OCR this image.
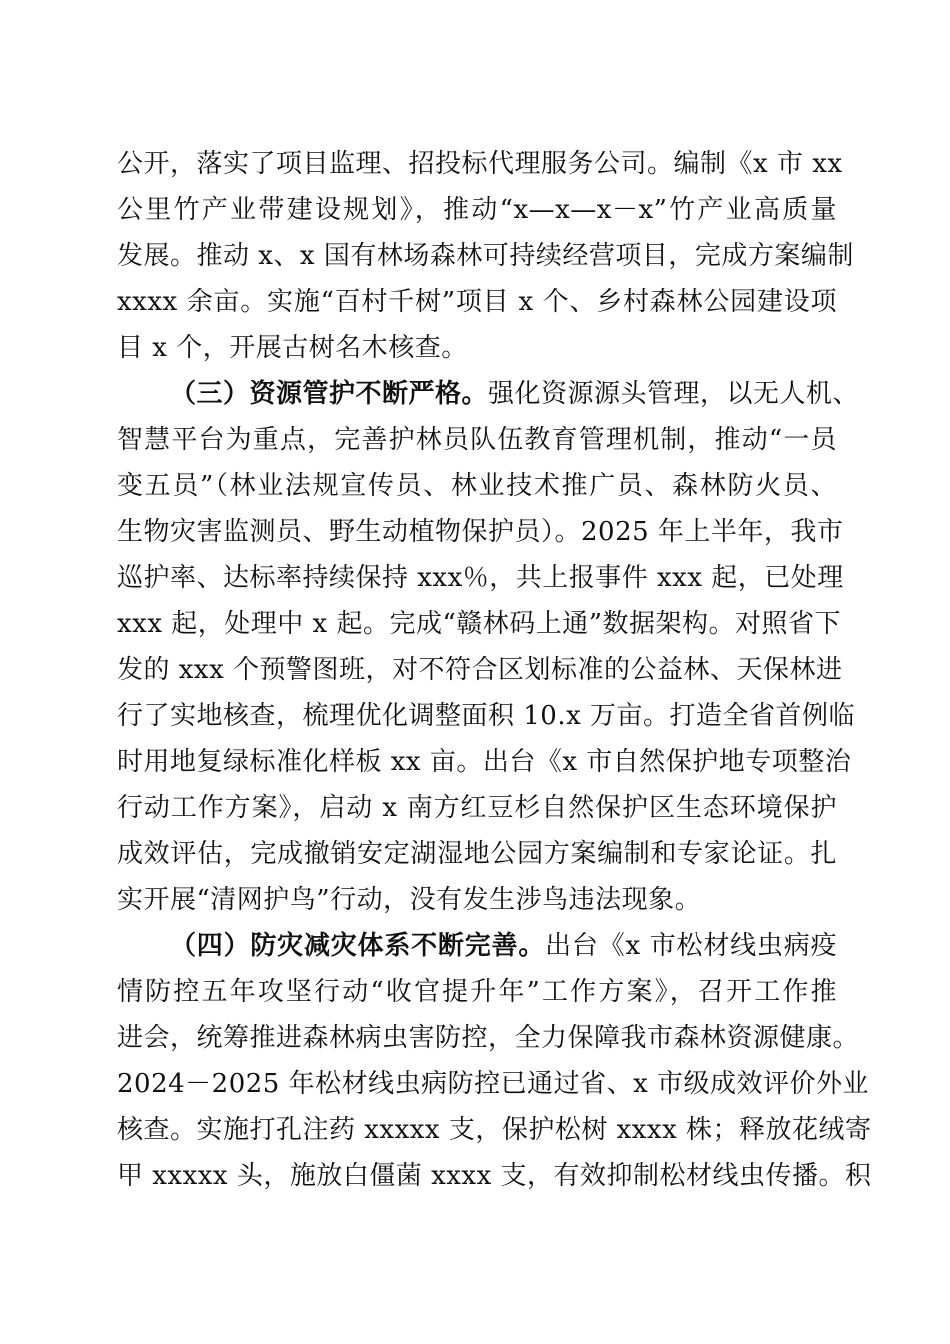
公开，落实了项目监理、招投标代理服务公司。编制《x 市 xx
公里竹产业带建设规划》，推动“x—x—x－x”竹产业高质量
发展。推动 x、x 国有林场森林可持续经营项目，完成方案编制
xxxx 余亩。实施“百村千树”项目 x 个、乡村森林公园建设项
目 x 个，开展古树名木核查。
（三）资源管护不断严格。强化资源源头管理，以无人机、
智慧平台为重点，完善护林员队伍教育管理机制，推动“一员
变五员”（林业法规宣传员、林业技术推广员、森林防火员、
生物灾害监测员、野生动植物保护员）。2025 年上半年，我市
巡护率、达标率持续保持 xxx％，共上报事件 xxx 起，已处理
xxx 起，处理中 x 起。完成“赣林码上通”数据架构。对照省下
发的 xxx 个预警图班，对不符合区划标准的公益林、天保林进
行了实地核查，梳理优化调整面积 10.x 万亩。打造全省首例临
时用地复绿标准化样板 xx 亩。出台《x 市自然保护地专项整治
行动工作方案》，启动 x 南方红豆杉自然保护区生态环境保护
成效评估，完成撤销安定湖湿地公园方案编制和专家论证。扎
实开展“清网护鸟”行动，没有发生涉鸟违法现象。
（四）防灾减灾体系不断完善。出台《x 市松材线虫病疫
情防控五年攻坚行动“收官提升年”工作方案》，召开工作推
进会，统筹推进森林病虫害防控，全力保障我市森林资源健康。
2024－2025 年松材线虫病防控已通过省、x 市级成效评价外业
核查。实施打孔注药 xxxxx 支，保护松树 xxxx 株；释放花绒寄
甲 xxxxx 头，施放白僵菌 xxxx 支，有效抑制松材线虫传播。积
